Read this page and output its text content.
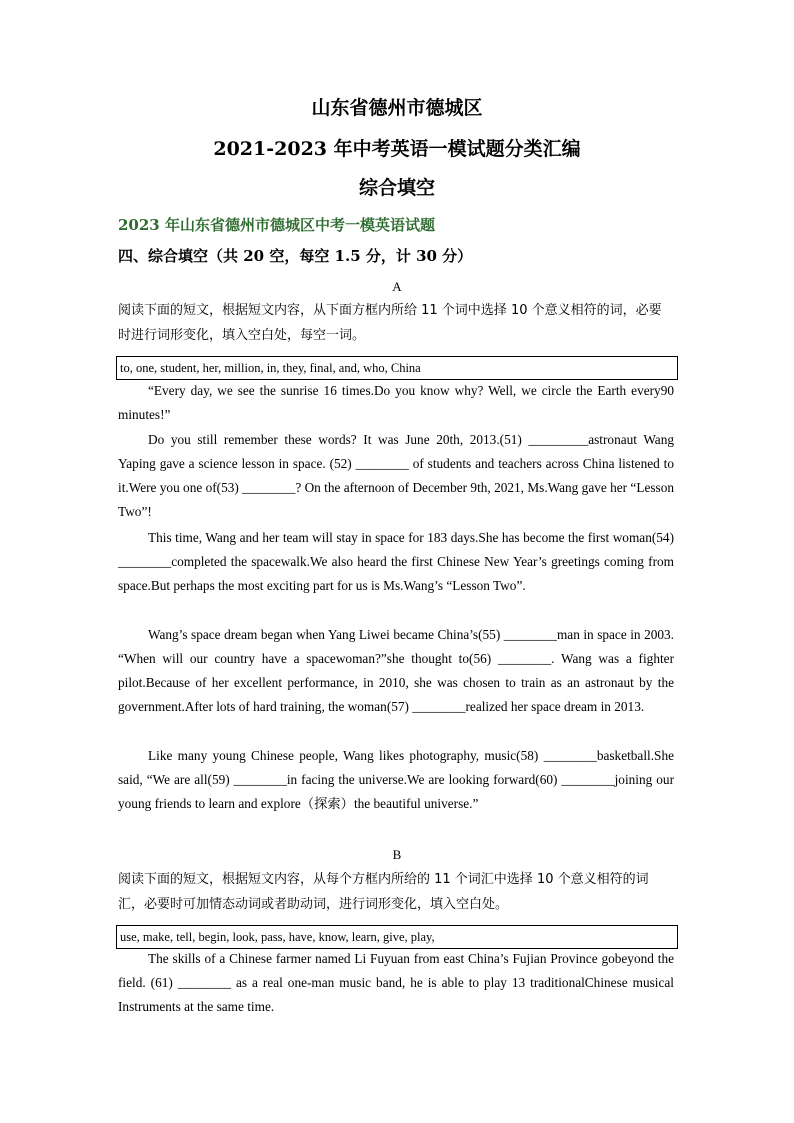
山东省德州市德城区
2021-2023 年中考英语一模试题分类汇编
综合填空
2023 年山东省德州市德城区中考一模英语试题
四、综合填空（共 20 空，每空 1.5 分，计 30 分）
A
阅读下面的短文，根据短文内容，从下面方框内所给 11 个词中选择 10 个意义相符的词，必要时进行词形变化，填入空白处，每空一词。
to, one, student, her, million, in, they, final, and, who, China

“Every day, we see the sunrise 16 times.Do you know why? Well, we circle the Earth every90 minutes!”

Do you still remember these words? It was June 20th, 2013.(51) _________astronaut Wang Yaping gave a science lesson in space. (52) ________ of students and teachers across China listened to it.Were you one of(53) ________? On the afternoon of December 9th, 2021, Ms.Wang gave her “Lesson Two”!

This time, Wang and her team will stay in space for 183 days.She has become the first woman(54) ________completed the spacewalk.We also heard the first Chinese New Year’s greetings coming from space.But perhaps the most exciting part for us is Ms.Wang’s “Lesson Two”.

Wang’s space dream began when Yang Liwei became China’s(55) ________man in space in 2003. “When will our country have a spacewoman?”she thought to(56) ________. Wang was a fighter pilot.Because of her excellent performance, in 2010, she was chosen to train as an astronaut by the government.After lots of hard training, the woman(57) ________realized her space dream in 2013.

Like many young Chinese people, Wang likes photography, music(58) ________basketball.She said, “We are all(59) ________in facing the universe.We are looking forward(60) ________joining our young friends to learn and explore（探索）the beautiful universe.”

B
阅读下面的短文，根据短文内容，从每个方框内所给的 11 个词汇中选择 10 个意义相符的词汇，必要时可加情态动词或者助动词，进行词形变化，填入空白处。
use, make, tell, begin, look, pass, have, know, learn, give, play,

The skills of a Chinese farmer named Li Fuyuan from east China’s Fujian Province gobeyond the field. (61) ________ as a real one-man music band, he is able to play 13 traditionalChinese musical Instruments at the same time.
